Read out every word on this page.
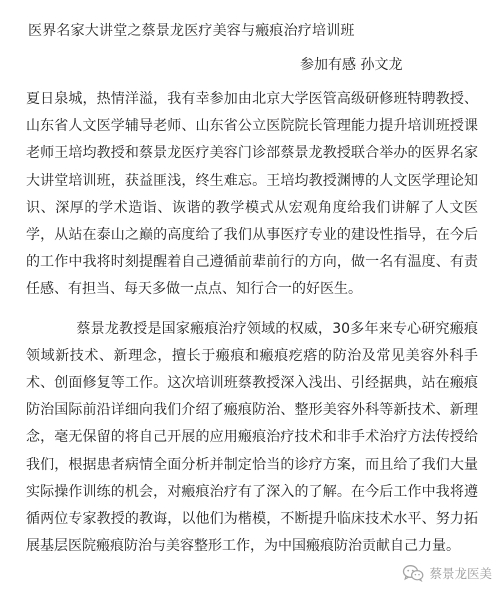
医界名家大讲堂之蔡景龙医疗美容与瘢痕治疗培训班
参加有感 孙文龙

夏日泉城，热情洋溢，我有幸参加由北京大学医管高级研修班特聘教授、山东省人文医学辅导老师、山东省公立医院院长管理能力提升培训班授课老师王培均教授和蔡景龙医疗美容门诊部蔡景龙教授联合举办的医界名家大讲堂培训班，获益匪浅，终生难忘。王培均教授渊博的人文医学理论知识、深厚的学术造诣、诙谐的教学模式从宏观角度给我们讲解了人文医学，从站在泰山之巅的高度给了我们从事医疗专业的建设性指导，在今后的工作中我将时刻提醒着自己遵循前辈前行的方向，做一名有温度、有责任感、有担当、每天多做一点点、知行合一的好医生。

蔡景龙教授是国家瘢痕治疗领域的权威，30多年来专心研究瘢痕领域新技术、新理念，擅长于瘢痕和瘢痕疙瘩的防治及常见美容外科手术、创面修复等工作。这次培训班蔡教授深入浅出、引经据典，站在瘢痕防治国际前沿详细向我们介绍了瘢痕防治、整形美容外科等新技术、新理念，毫无保留的将自己开展的应用瘢痕治疗技术和非手术治疗方法传授给我们，根据患者病情全面分析并制定恰当的诊疗方案，而且给了我们大量实际操作训练的机会，对瘢痕治疗有了深入的了解。在今后工作中我将遵循两位专家教授的教诲，以他们为楷模，不断提升临床技术水平、努力拓展基层医院瘢痕防治与美容整形工作，为中国瘢痕防治贡献自己力量。

蔡景龙医美
